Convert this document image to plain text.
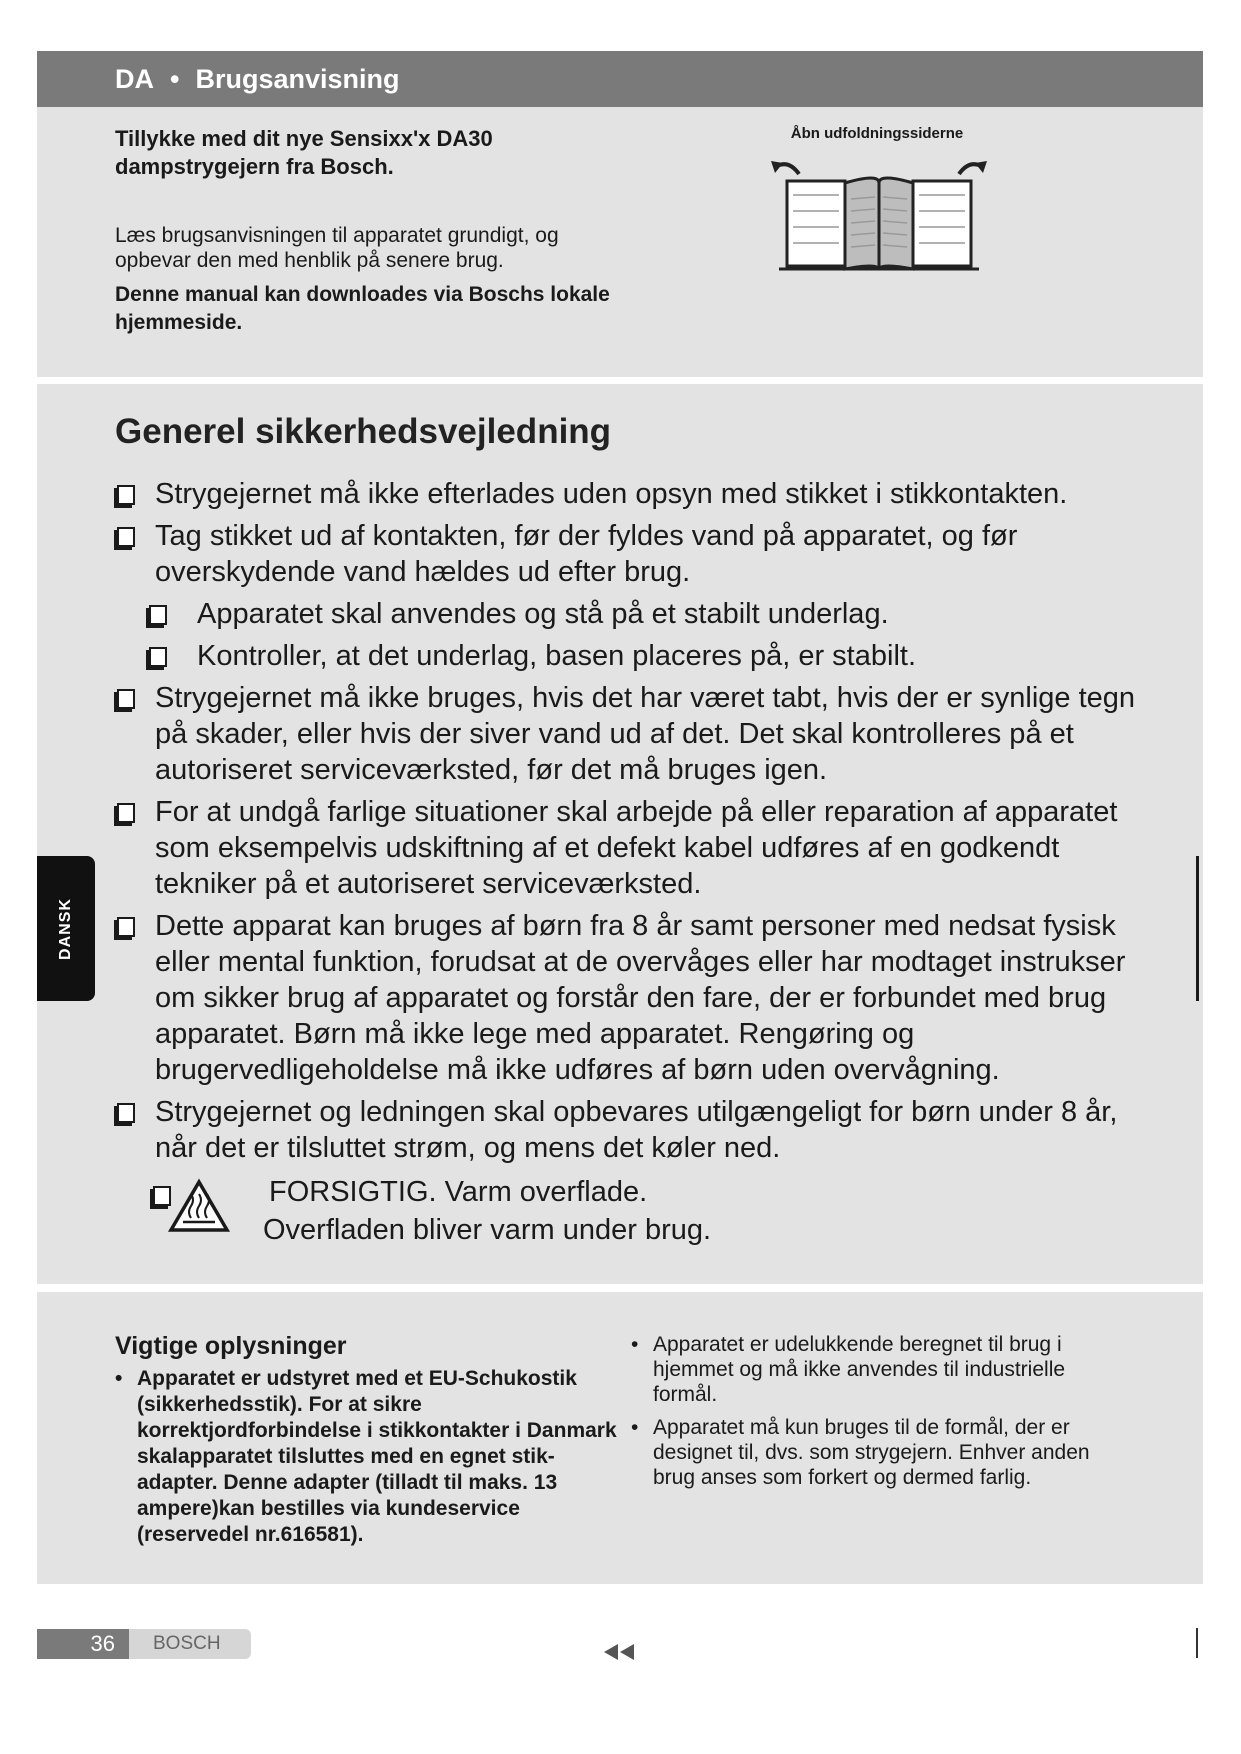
DA • Brugsanvisning
Tillykke med dit nye Sensixx'x DA30 dampstrygejern fra Bosch.
Læs brugsanvisningen til apparatet grundigt, og opbevar den med henblik på senere brug.
Denne manual kan downloades via Boschs lokale hjemmeside.
Åbn udfoldningssiderne
Generel sikkerhedsvejledning
Strygejernet må ikke efterlades uden opsyn med stikket i stikkontakten.
Tag stikket ud af kontakten, før der fyldes vand på apparatet, og før overskydende vand hældes ud efter brug.
Apparatet skal anvendes og stå på et stabilt underlag.
Kontroller, at det underlag, basen placeres på, er stabilt.
Strygejernet må ikke bruges, hvis det har været tabt, hvis der er synlige tegn på skader, eller hvis der siver vand ud af det. Det skal kontrolleres på et autoriseret serviceværksted, før det må bruges igen.
For at undgå farlige situationer skal arbejde på eller reparation af apparatet som eksempelvis udskiftning af et defekt kabel udføres af en godkendt tekniker på et autoriseret serviceværksted.
Dette apparat kan bruges af børn fra 8 år samt personer med nedsat fysisk eller mental funktion, forudsat at de overvåges eller har modtaget instrukser om sikker brug af apparatet og forstår den fare, der er forbundet med brug apparatet. Børn må ikke lege med apparatet. Rengøring og brugervedligeholdelse må ikke udføres af børn uden overvågning.
Strygejernet og ledningen skal opbevares utilgængeligt for børn under 8 år, når det er tilsluttet strøm, og mens det køler ned.
FORSIGTIG. Varm overflade.
Overfladen bliver varm under brug.
Vigtige oplysninger
• Apparatet er udstyret med et EU-Schukostik (sikkerhedsstik). For at sikre korrektjordforbindelse i stikkontakter i Danmark skalapparatet tilsluttes med en egnet stik-adapter. Denne adapter (tilladt til maks. 13 ampere)kan bestilles via kundeservice (reservedel nr.616581).
• Apparatet er udelukkende beregnet til brug i hjemmet og må ikke anvendes til industrielle formål.
• Apparatet må kun bruges til de formål, der er designet til, dvs. som strygejern. Enhver anden brug anses som forkert og dermed farlig.
DANSK
36 BOSCH
